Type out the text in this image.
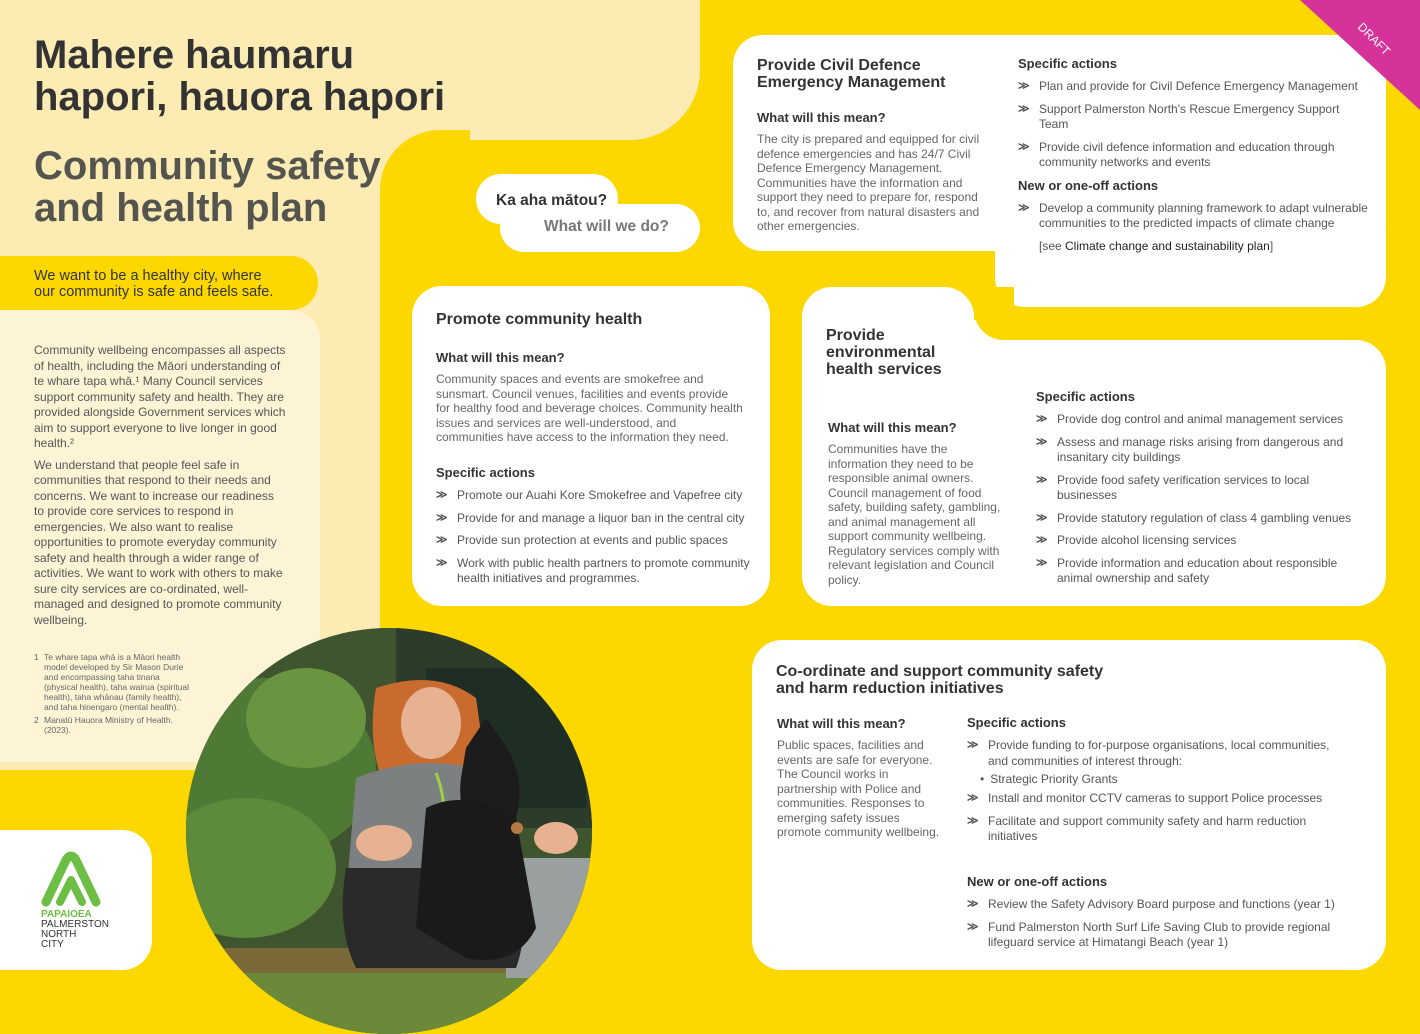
Mahere haumaru
hapori, hauora hapori
Community safety
and health plan
We want to be a healthy city, where
our community is safe and feels safe.

Community wellbeing encompasses all aspects of health, including the Māori understanding of te whare tapa whā.¹ Many Council services support community safety and health. They are provided alongside Government services which aim to support everyone to live longer in good health.²

We understand that people feel safe in communities that respond to their needs and concerns. We want to increase our readiness to provide core services to respond in emergencies. We also want to realise opportunities to promote everyday community safety and health through a wider range of activities. We want to work with others to make sure city services are co-ordinated, well-managed and designed to promote community wellbeing.

1 Te whare tapa whā is a Māori health model developed by Sir Mason Durie and encompassing taha tinana (physical health), taha wairua (spiritual health), taha whānau (family health), and taha hinengaro (mental health).
2 Manatū Hauora Ministry of Health. (2023).
PAPAIOEA
PALMERSTON
NORTH
CITY
Ka aha mātou?
What will we do?
Provide Civil Defence
Emergency Management
What will this mean?
The city is prepared and equipped for civil defence emergencies and has 24/7 Civil Defence Emergency Management. Communities have the information and support they need to prepare for, respond to, and recover from natural disasters and other emergencies.
Specific actions
≫ Plan and provide for Civil Defence Emergency Management
≫ Support Palmerston North's Rescue Emergency Support Team
≫ Provide civil defence information and education through community networks and events
New or one-off actions
≫ Develop a community planning framework to adapt vulnerable communities to the predicted impacts of climate change
[see Climate change and sustainability plan]
DRAFT
Promote community health
What will this mean?
Community spaces and events are smokefree and sunsmart. Council venues, facilities and events provide for healthy food and beverage choices. Community health issues and services are well-understood, and communities have access to the information they need.
Specific actions
≫ Promote our Auahi Kore Smokefree and Vapefree city
≫ Provide for and manage a liquor ban in the central city
≫ Provide sun protection at events and public spaces
≫ Work with public health partners to promote community health initiatives and programmes.
Provide
environmental
health services
What will this mean?
Communities have the information they need to be responsible animal owners. Council management of food safety, building safety, gambling, and animal management all support community wellbeing. Regulatory services comply with relevant legislation and Council policy.
Specific actions
≫ Provide dog control and animal management services
≫ Assess and manage risks arising from dangerous and insanitary city buildings
≫ Provide food safety verification services to local businesses
≫ Provide statutory regulation of class 4 gambling venues
≫ Provide alcohol licensing services
≫ Provide information and education about responsible animal ownership and safety
Co-ordinate and support community safety
and harm reduction initiatives
What will this mean?
Public spaces, facilities and events are safe for everyone. The Council works in partnership with Police and communities. Responses to emerging safety issues promote community wellbeing.
Specific actions
≫ Provide funding to for-purpose organisations, local communities, and communities of interest through:
• Strategic Priority Grants
≫ Install and monitor CCTV cameras to support Police processes
≫ Facilitate and support community safety and harm reduction initiatives
New or one-off actions
≫ Review the Safety Advisory Board purpose and functions (year 1)
≫ Fund Palmerston North Surf Life Saving Club to provide regional lifeguard service at Himatangi Beach (year 1)
